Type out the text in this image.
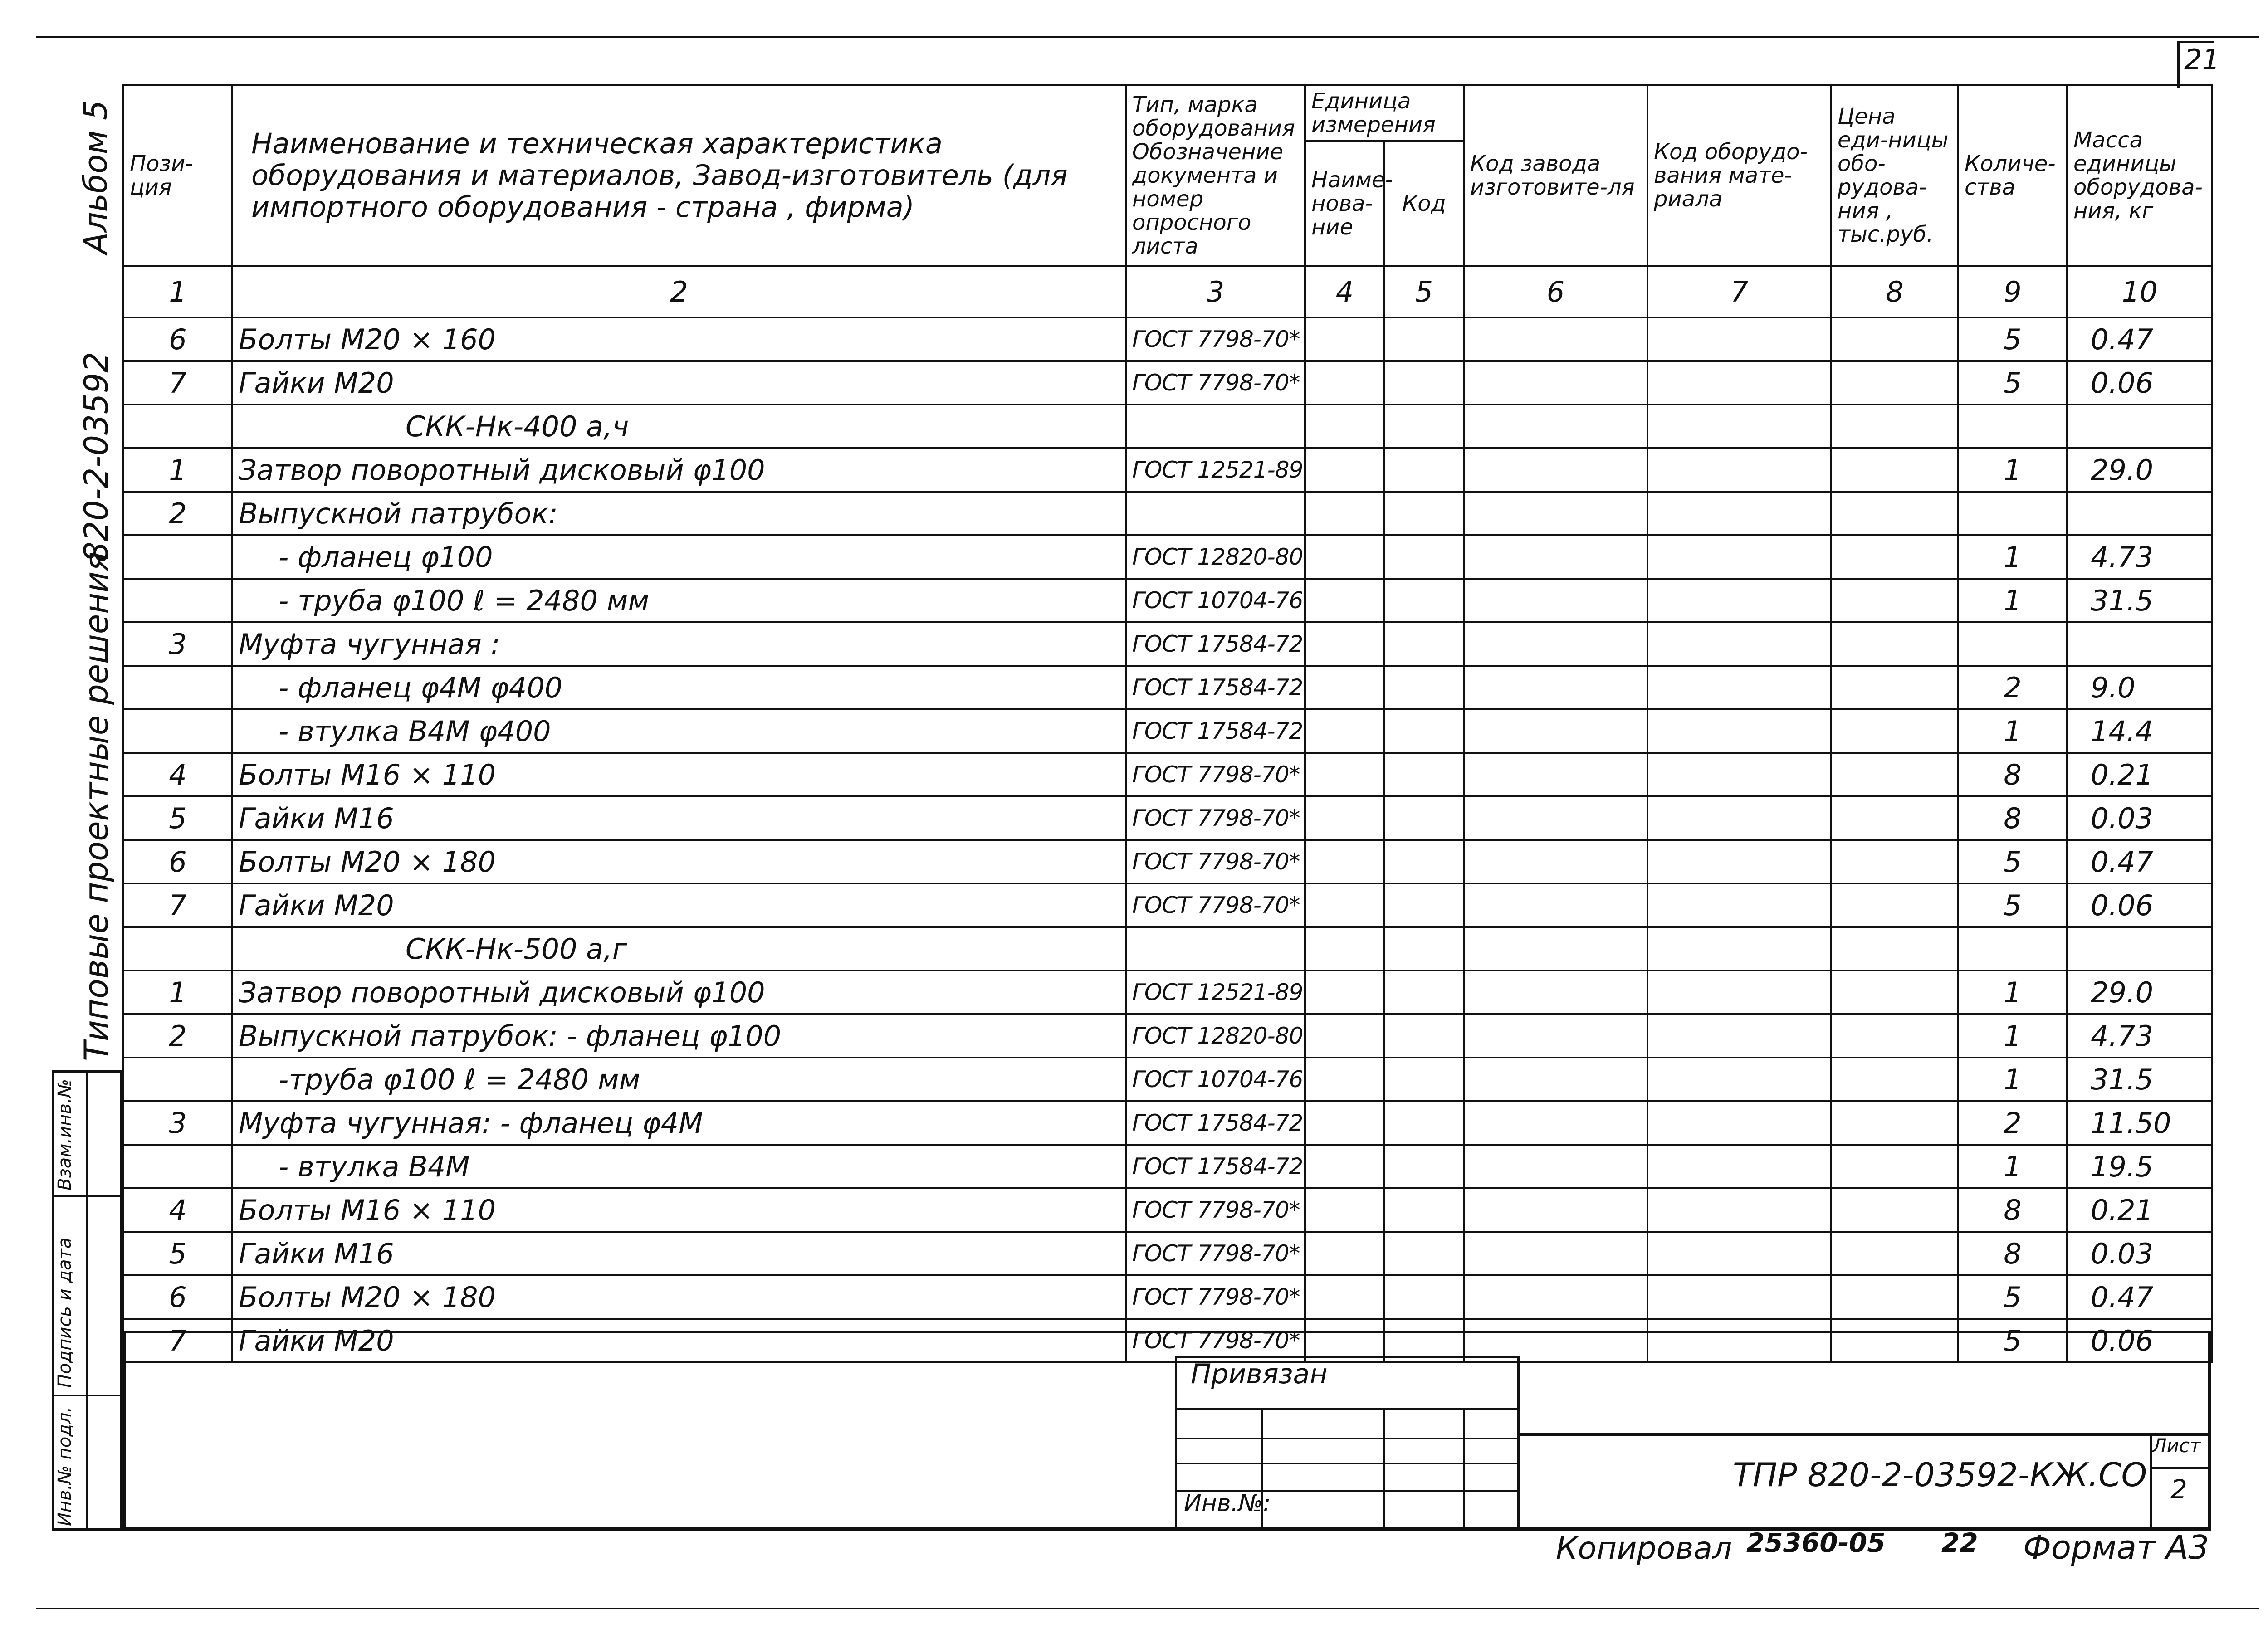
21
Альбом 5
820-2-03592
Типовые проектные решения
Взам.инв.№
Подпись и дата
Инв.№ подл.
Пози-ция	Наименование и техническая характеристика оборудования и материалов, Завод-изготовитель (для импортного оборудования - страна , фирма)	Тип, марка оборудования Обозначение документа и номер опросного листа	Единица измерения		Код завода изготовите-ля	Код оборудо-вания мате-риала	Цена еди-ницы обо-рудова-ния , тыс.руб.	Количе-ства	Масса единицы оборудова-ния, кг
			Наиме-нова-ние	Код					
1	2	3	4	5	6	7	8	9	10
6	Болты М20 × 160	ГОСТ 7798-70*						5	0.47
7	Гайки М20	ГОСТ 7798-70*						5	0.06
	СКК-Нк-400 а,ч								
1	Затвор поворотный дисковый φ100	ГОСТ 12521-89						1	29.0
2	Выпускной патрубок:								
	- фланец φ100	ГОСТ 12820-80						1	4.73
	- труба φ100 ℓ = 2480 мм	ГОСТ 10704-76						1	31.5
3	Муфта чугунная :	ГОСТ 17584-72							
	- фланец φ4М φ400	ГОСТ 17584-72						2	9.0
	- втулка В4М φ400	ГОСТ 17584-72						1	14.4
4	Болты М16 × 110	ГОСТ 7798-70*						8	0.21
5	Гайки М16	ГОСТ 7798-70*						8	0.03
6	Болты М20 × 180	ГОСТ 7798-70*						5	0.47
7	Гайки М20	ГОСТ 7798-70*						5	0.06
	СКК-Нк-500 а,г								
1	Затвор поворотный дисковый φ100	ГОСТ 12521-89						1	29.0
2	Выпускной патрубок: - фланец φ100	ГОСТ 12820-80						1	4.73
	-труба φ100 ℓ = 2480 мм	ГОСТ 10704-76						1	31.5
3	Муфта чугунная: - фланец φ4М	ГОСТ 17584-72						2	11.50
	- втулка В4М	ГОСТ 17584-72						1	19.5
4	Болты М16 × 110	ГОСТ 7798-70*						8	0.21
5	Гайки М16	ГОСТ 7798-70*						8	0.03
6	Болты М20 × 180	ГОСТ 7798-70*						5	0.47
7	Гайки М20	ГОСТ 7798-70*						5	0.06
Привязан
Инв.№:
ТПР 820-2-03592-КЖ.СО
Лист
2
Копировал 25360-05 22 Формат А3
